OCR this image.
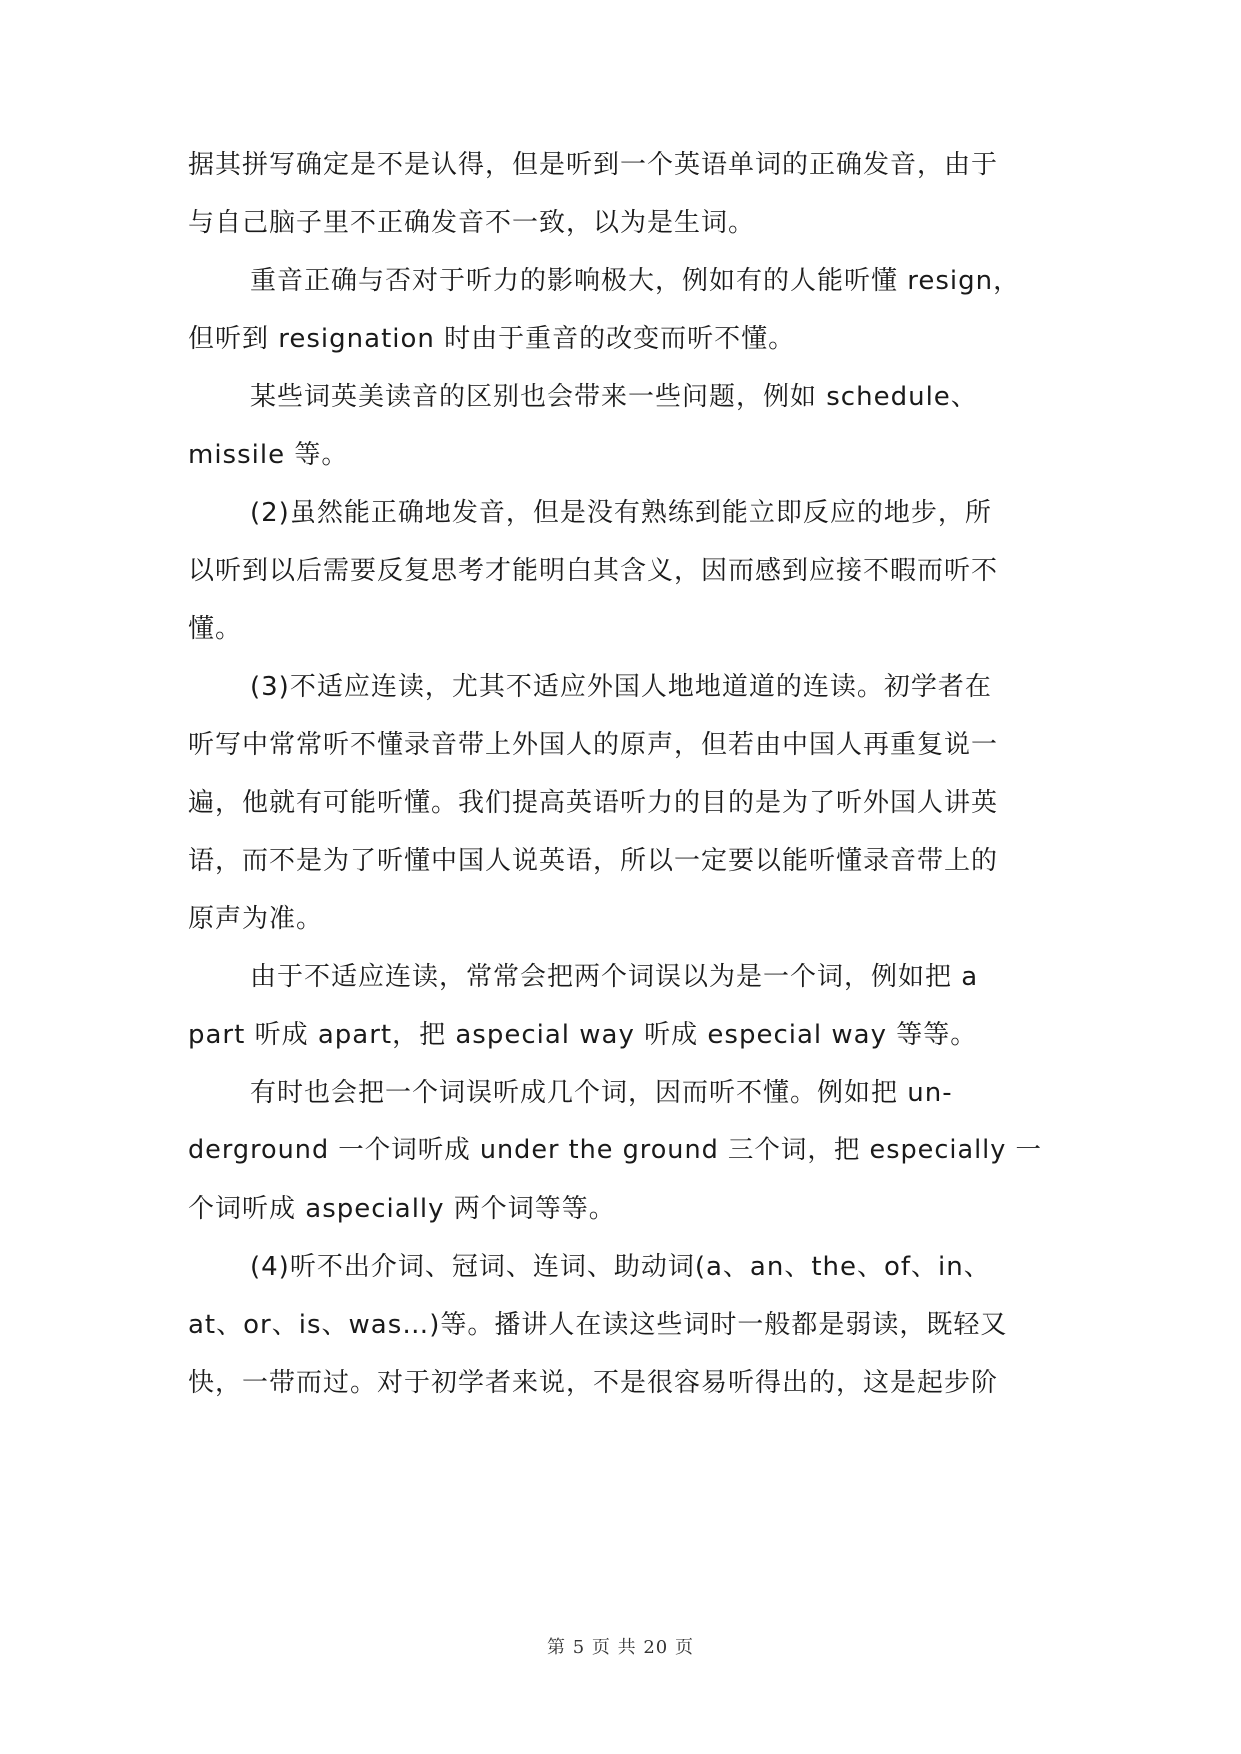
据其拼写确定是不是认得，但是听到一个英语单词的正确发音，由于
与自己脑子里不正确发音不一致，以为是生词。
重音正确与否对于听力的影响极大，例如有的人能听懂 resign，
但听到 resignation 时由于重音的改变而听不懂。
某些词英美读音的区别也会带来一些问题，例如 schedule、
missile 等。
(2)虽然能正确地发音，但是没有熟练到能立即反应的地步，所
以听到以后需要反复思考才能明白其含义，因而感到应接不暇而听不
懂。
(3)不适应连读，尤其不适应外国人地地道道的连读。初学者在
听写中常常听不懂录音带上外国人的原声，但若由中国人再重复说一
遍，他就有可能听懂。我们提高英语听力的目的是为了听外国人讲英
语，而不是为了听懂中国人说英语，所以一定要以能听懂录音带上的
原声为准。
由于不适应连读，常常会把两个词误以为是一个词，例如把 a
part 听成 apart，把 aspecial way 听成 especial way 等等。
有时也会把一个词误听成几个词，因而听不懂。例如把 un-
derground 一个词听成 under the ground 三个词，把 especially 一
个词听成 aspecially 两个词等等。
(4)听不出介词、冠词、连词、助动词(a、an、the、of、in、
at、or、is、was…)等。播讲人在读这些词时一般都是弱读，既轻又
快，一带而过。对于初学者来说，不是很容易听得出的，这是起步阶
第 5 页 共 20 页
